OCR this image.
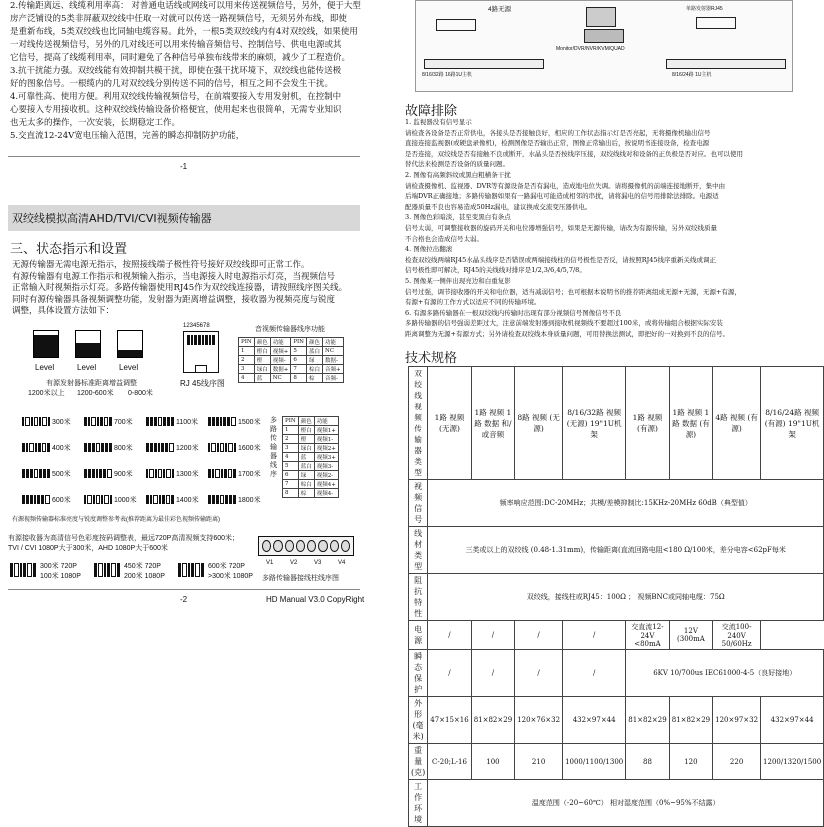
2.传输距离远、线缆利用率高： 对普通电话线或网线可以用来传送视频信号，另外，便于大型
房产泛铺设的5类非屏蔽双绞线中任取一对就可以传送一路视频信号，无须另外布线，即使
是重新布线，5类双绞线也比同轴电缆容易。此外，一根5类双绞线内有4对双绞线，如果使用
一对线传送视频信号，另外的几对线还可以用来传输音频信号、控制信号、供电电源或其
它信号，提高了线缆利用率，同时避免了各种信号单独布线带来的麻烦，减少了工程造价。
3.抗干扰能力强。双绞线能有效抑制共模干扰，即使在强干扰环境下，双绞线也能传送极
好的图象信号。一根缆内的几对双绞线分别传送不同的信号，相互之间不会发生干扰。
4.可靠性高、使用方便。利用双绞线传输视频信号，在前端要接入专用发射机，在控制中
心要接入专用接收机。这种双绞线传输设备价格便宜，使用起来也很简单，无需专业知识
也无太多的操作，一次安装，长期稳定工作。
5.交直流12-24V宽电压输入范围，完善的瞬态抑制防护功能，
-1
双绞线模拟高清AHD/TVI/CVI视频传输器
三、状态指示和设置
无源传输器无需电源无指示，按照接线端子极性符号接好双绞线即可正常工作。
有源传输器有电源工作指示和视频输入指示，当电源接入时电源指示灯亮，当视频信号
正常输入时视频指示灯亮。多路传输器使用RJ45作为双绞线连接器，请按照线序图关线。
同时有源传输器具备视频调整功能，发射器为距离增益调整，接收器为视频亮度与锐度
调整，具体设置方法如下：
Level	Level	Level
有源发射器标准距离增益调整
1200米以上 1200-600米 0-800米
12345678
RJ 45线序图
音视频传输器线序功能
PIN	颜色	功能	PIN	颜色	功能
1	橙白	视频+	5	蓝白	NC
2	橙	视频-	6	绿	数据-
3	绿白	数据+	7	棕白	音频+
4	蓝	NC	8	棕	音频-
300米	700米	1100米	1500米
400米	800米	1200米	1600米
500米	900米	1300米	1700米
600米	1000米	1400米	1800米
有源视频传输器标准亮度与锐度调整参考表(推荐距离为最佳彩色视频传输距离)
多路传输器线序
PIN	颜色	功能
1	橙白	视频1+
2	橙	视频1-
3	绿白	视频2+
4	蓝	视频3+
5	蓝白	视频3-
6	绿	视频2-
7	棕白	视频4+
8	棕	视频4-
有源接收器为高清信号色彩度按码调整表，最远720P高清视频支持600米；
TVI / CVI 1080P大于300米，AHD 1080P大于600米
300米 720P
100米 1080P
450米 720P
200米 1080P
600米 720P
>300米 1080P
V1	V2	V3	V4
多路传输器接线柱线序图
-2	HD Manual V3.0 CopyRight
4路无源
8/16/32路 16路1U主机
Monitor/DVR/NVR/KVM/QUAD
单路发射器RJ45
8/16/24路 1U主机
故障排除
1. 监视器没有信号显示
请检查各设备是否正常供电，各接头是否接触良好，相应的工作状态指示灯是否亮起，无将摄像机输出信号
直接连接监视器(或硬盘录像机)，检测图像是否输出正常，图像正常输出后，按说明书连接设备，检查电源
是否连接，双绞线是否有接触不良或断开，水晶头是否按线序压接，双绞线线对和设备的正负极是否对应。也可以使用
替代法来检测是否设备的质量问题。
2. 图像有高频斜纹或黑白粗横条干扰
请检查摄像机、监视器、DVR等有源设备是否有漏电，造成地电位失调。请将摄像机的前端连接地断开，集中由
后端DVR正确接地；多路传输器如果有一路漏电可能造成相邻的串扰，请将漏电的信号用排除法排除。电源适
配器质量不良也容易造成50Hz漏电，建议换成交流变压器供电。
3. 图像色彩暗淡，甚至变黑白有条点
信号太弱，可调整接收器的旋码开关和电位器增强信号，如果是无源传输，请改为有源传输，另外双绞线质量
不合格也会造成信号太弱。
4. 图像拉出翻滚
检查双绞线两端RJ45水晶头线序是否错误或两端接线柱的信号极性是否反，请按照RJ45线序重新关线或调正
信号极性即可解决，RJ45的关线线对排序是1/2,3/6,4/5,7/8。
5. 图像某一侧伴出现亮边和白重复影
信号过强，调节接收器的开关和电位器，适当减弱信号；也可根据本说明书的推荐距离组成无源+无源，无源+有源，
有源+有源的工作方式以适应不同的传输环境。
6. 有源多路传输器在一根双绞线内传输时出现有部分视频信号图像信号不良
多路传输器的信号强弱差距过大，注意前端发射器到接收机视频线不要超过100米，或将传输组合根据实际安装
距离调整为无源+有源方式；另外请检查双绞线本身质量问题，可用替换法测试，即把好的一对换到不良的信号。
技术规格
双绞线视频传输器类型	1路 视频 (无源)	1路 视频 1路 数据 和/或音频	8路 视频 (无源)	8/16/32路 视频(无源) 19"1U机架	1路 视频 (有源)	1路 视频 1路 数据 (有源)	4路 视频 (有源)	8/16/24路 视频(有源) 19"1U机架
视频信号	频率响应范围:DC-20MHz；共模/差模抑制比:15KHz-20MHz 60dB（典型值）							
线材类型	三类或以上的双绞线 (0.48-1.31mm)，传输距离(直流回路电阻<180 Ω/100米，差分电容<62pF每米							
阻抗特性	双绞线，接线柱或RJ45：100Ω ； 视频BNC或同轴电缆：75Ω							
电源	/	/	/	/	交直流12-24V <80mA	12V (300mA	交流100-240V 50/60Hz	
瞬态保护	/	/	/	/	6KV 10/700us IEC61000-4-5（良好接地）			
外形(毫米)	47×15×16	81×82×29	120×76×32	432×97×44	81×82×29	81×82×29	120×97×32	432×97×44
重量 (克)	C-20;L-16	100	210	1000/1100/1300	88	120	220	1200/1320/1500
工作环境	温度范围（-20~60℃） 相对湿度范围（0%~95%不结露）							
